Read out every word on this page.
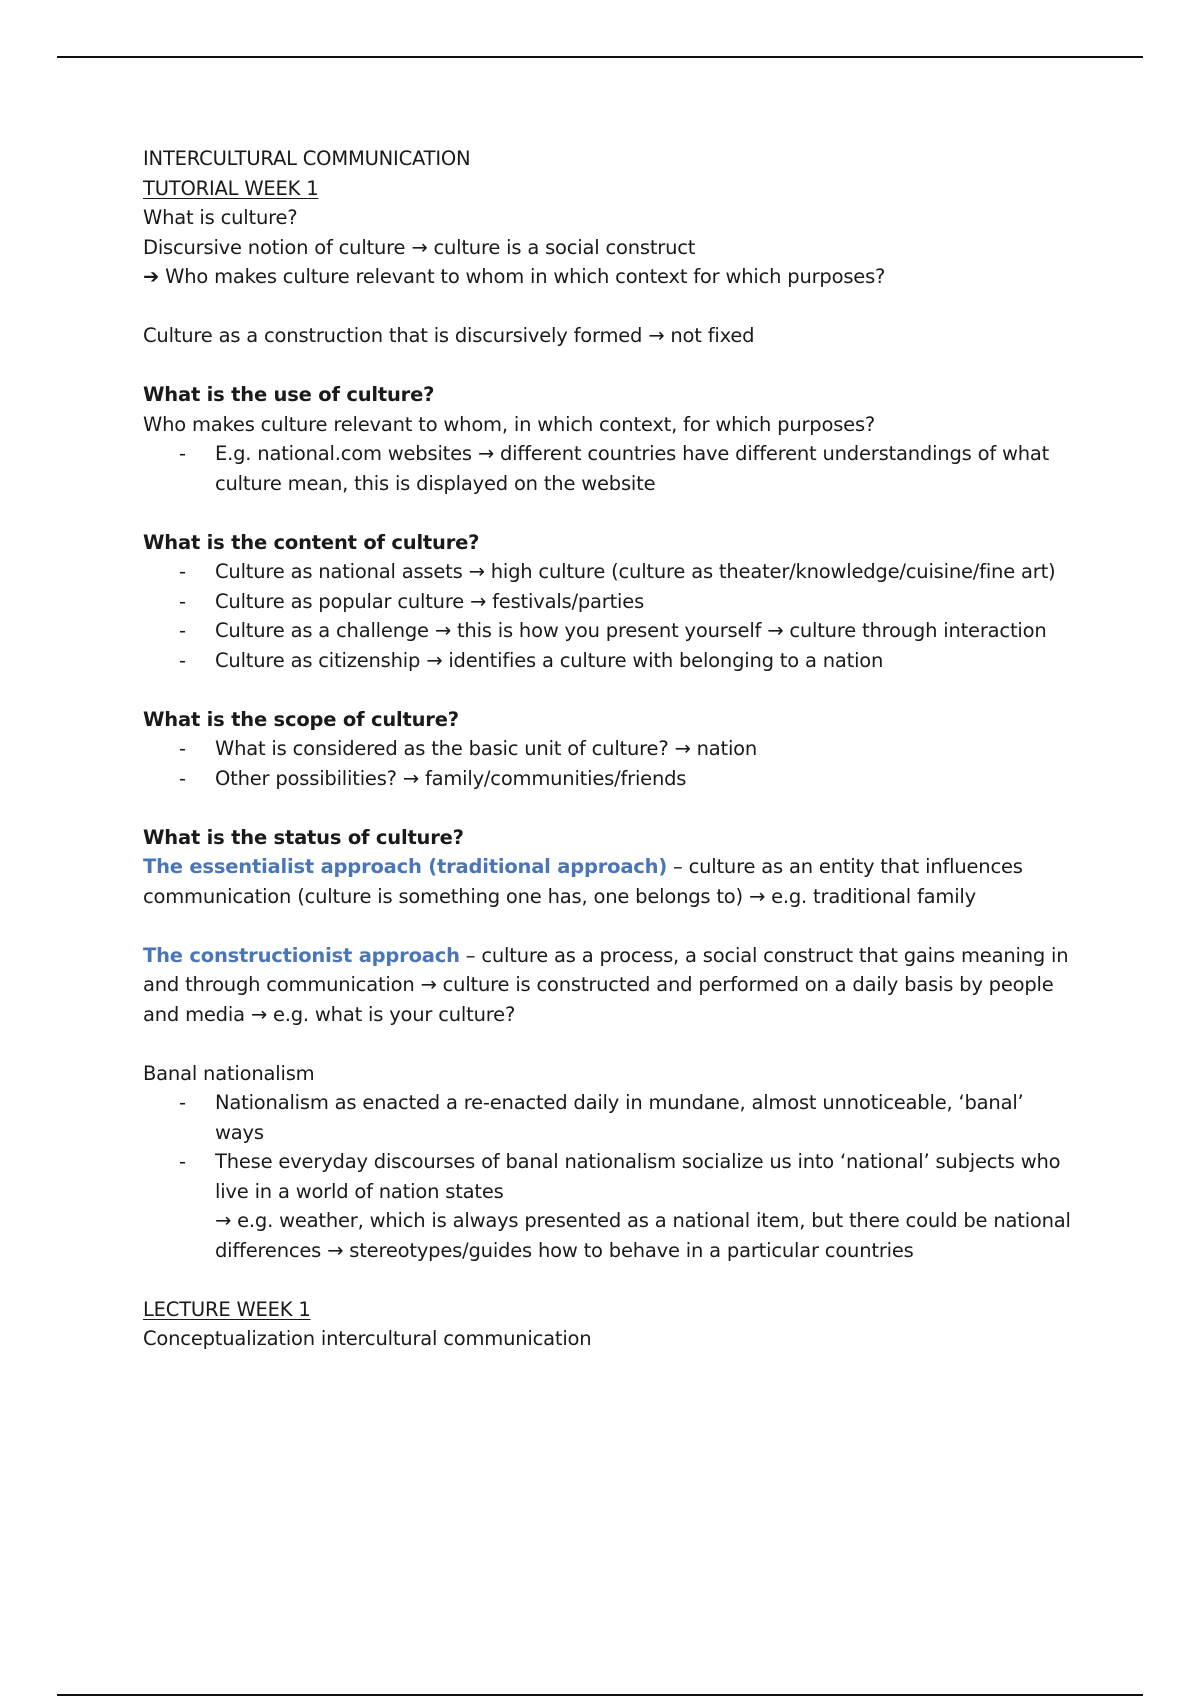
INTERCULTURAL COMMUNICATION

TUTORIAL WEEK 1

What is culture?

Discursive notion of culture → culture is a social construct

➔ Who makes culture relevant to whom in which context for which purposes?

Culture as a construction that is discursively formed → not fixed

What is the use of culture?

Who makes culture relevant to whom, in which context, for which purposes?

- E.g. national.com websites → different countries have different understandings of what culture mean, this is displayed on the website

What is the content of culture?

- Culture as national assets → high culture (culture as theater/knowledge/cuisine/fine art)
- Culture as popular culture → festivals/parties
- Culture as a challenge → this is how you present yourself → culture through interaction
- Culture as citizenship → identifies a culture with belonging to a nation

What is the scope of culture?

- What is considered as the basic unit of culture? → nation
- Other possibilities? → family/communities/friends

What is the status of culture?

The essentialist approach (traditional approach) – culture as an entity that influences communication (culture is something one has, one belongs to) → e.g. traditional family

The constructionist approach – culture as a process, a social construct that gains meaning in and through communication → culture is constructed and performed on a daily basis by people and media → e.g. what is your culture?

Banal nationalism

- Nationalism as enacted a re-enacted daily in mundane, almost unnoticeable, ‘banal’ ways
- These everyday discourses of banal nationalism socialize us into ‘national’ subjects who live in a world of nation states
→ e.g. weather, which is always presented as a national item, but there could be national differences → stereotypes/guides how to behave in a particular countries

LECTURE WEEK 1

Conceptualization intercultural communication
